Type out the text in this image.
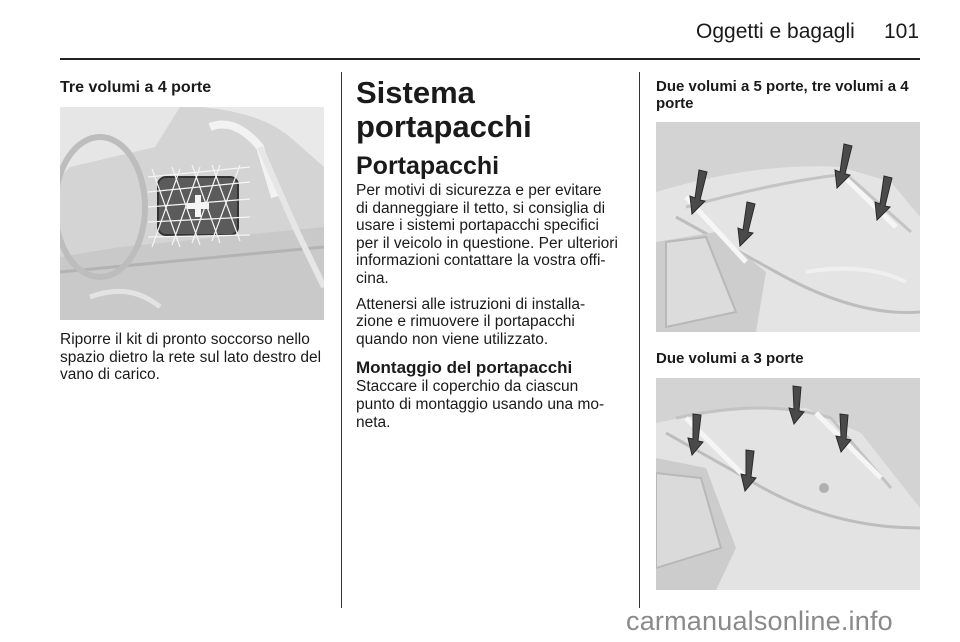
Oggetti e bagagli 101

Tre volumi a 4 porte

Riporre il kit di pronto soccorso nello

spazio dietro la rete sul lato destro del

vano di carico.

Sistema portapacchi
Portapacchi

Per motivi di sicurezza e per evitare

di danneggiare il tetto, si consiglia di

usare i sistemi portapacchi specifici

per il veicolo in questione. Per ulteriori

informazioni contattare la vostra offi-

cina.

Attenersi alle istruzioni di installa-

zione e rimuovere il portapacchi

quando non viene utilizzato.

Montaggio del portapacchi

Staccare il coperchio da ciascun

punto di montaggio usando una mo-

neta.

Due volumi a 5 porte, tre volumi a 4

porte

Due volumi a 3 porte

carmanualsonline.info
